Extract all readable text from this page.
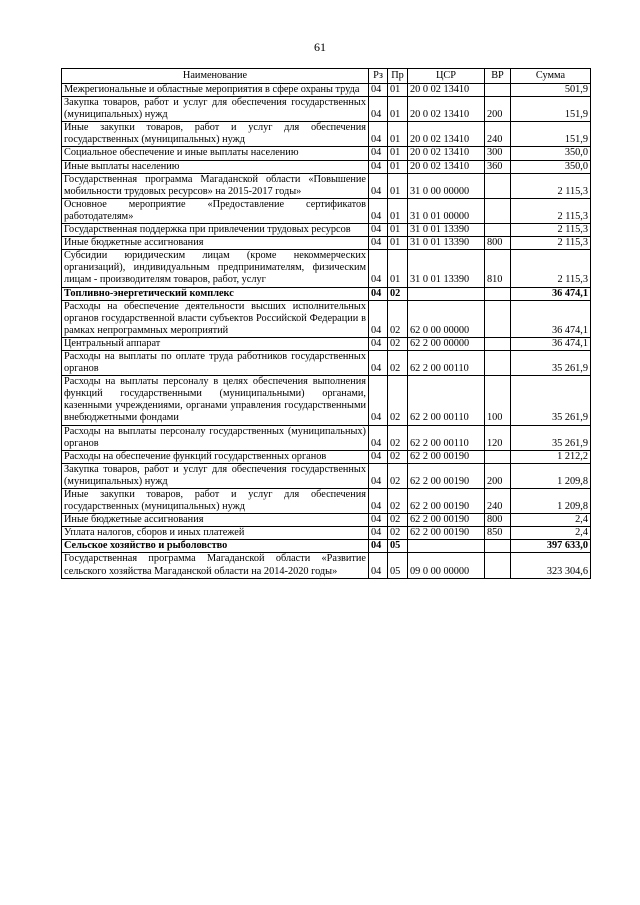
61
Наименование	Рз	Пр	ЦСР	ВР	Сумма
Межрегиональные и областные мероприятия в сфере охраны труда	04	01	20 0 02 13410		501,9
Закупка товаров, работ и услуг для обеспечения государственных (муниципальных) нужд	04	01	20 0 02 13410	200	151,9
Иные закупки товаров, работ и услуг для обеспечения государственных (муниципальных) нужд	04	01	20 0 02 13410	240	151,9
Социальное обеспечение и иные выплаты населению	04	01	20 0 02 13410	300	350,0
Иные выплаты населению	04	01	20 0 02 13410	360	350,0
Государственная программа Магаданской области «Повышение мобильности трудовых ресурсов» на 2015-2017 годы»	04	01	31 0 00 00000		2 115,3
Основное мероприятие «Предоставление сертификатов работодателям»	04	01	31 0 01 00000		2 115,3
Государственная поддержка при привлечении трудовых ресурсов	04	01	31 0 01 13390		2 115,3
Иные бюджетные ассигнования	04	01	31 0 01 13390	800	2 115,3
Субсидии юридическим лицам (кроме некоммерческих организаций), индивидуальным предпринимателям, физическим лицам - производителям товаров, работ, услуг	04	01	31 0 01 13390	810	2 115,3
Топливно-энергетический комплекс	04	02			36 474,1
Расходы на обеспечение деятельности высших исполнительных органов государственной власти субъектов Российской Федерации в рамках непрограммных мероприятий	04	02	62 0 00 00000		36 474,1
Центральный аппарат	04	02	62 2 00 00000		36 474,1
Расходы на выплаты по оплате труда работников государственных органов	04	02	62 2 00 00110		35 261,9
Расходы на выплаты персоналу в целях обеспечения выполнения функций государственными (муниципальными) органами, казенными учреждениями, органами управления государственными внебюджетными фондами	04	02	62 2 00 00110	100	35 261,9
Расходы на выплаты персоналу государственных (муниципальных) органов	04	02	62 2 00 00110	120	35 261,9
Расходы на обеспечение функций государственных органов	04	02	62 2 00 00190		1 212,2
Закупка товаров, работ и услуг для обеспечения государственных (муниципальных) нужд	04	02	62 2 00 00190	200	1 209,8
Иные закупки товаров, работ и услуг для обеспечения государственных (муниципальных) нужд	04	02	62 2 00 00190	240	1 209,8
Иные бюджетные ассигнования	04	02	62 2 00 00190	800	2,4
Уплата налогов, сборов и иных платежей	04	02	62 2 00 00190	850	2,4
Сельское хозяйство и рыболовство	04	05			397 633,0
Государственная программа Магаданской области «Развитие сельского хозяйства Магаданской области на 2014-2020 годы»	04	05	09 0 00 00000		323 304,6
